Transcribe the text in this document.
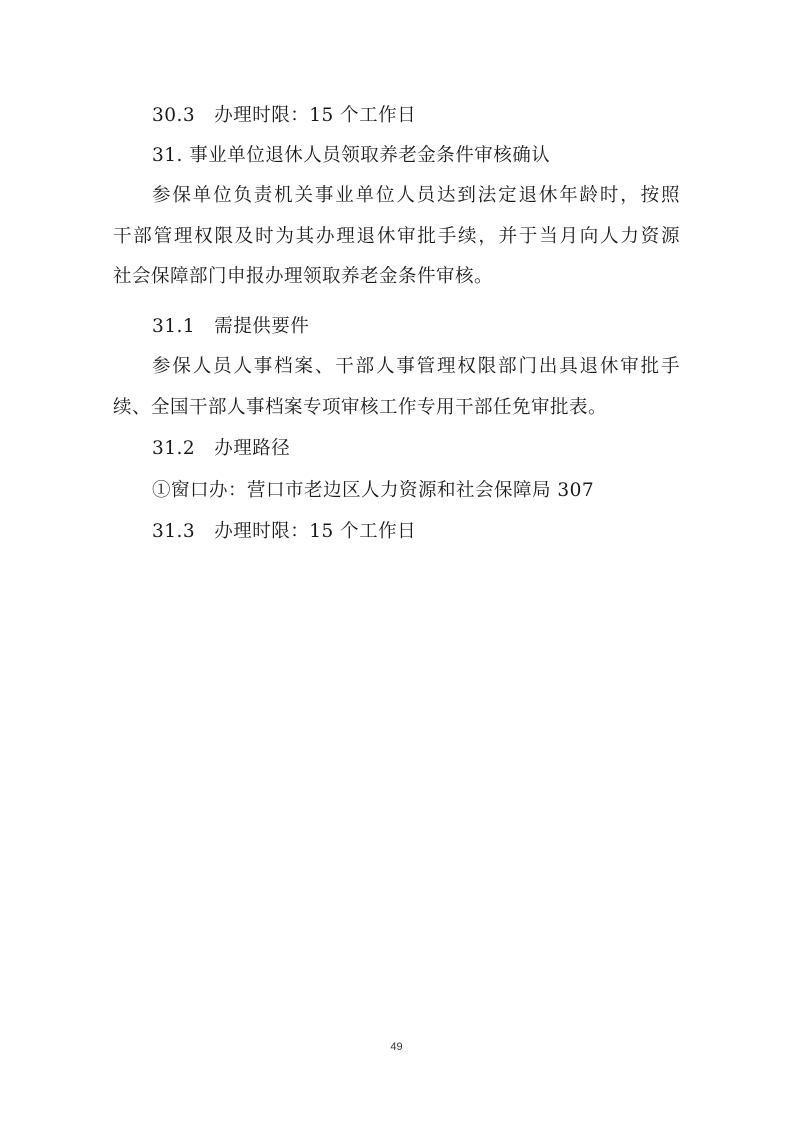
30.3　办理时限：15 个工作日
31. 事业单位退休人员领取养老金条件审核确认
参保单位负责机关事业单位人员达到法定退休年龄时，按照
干部管理权限及时为其办理退休审批手续，并于当月向人力资源
社会保障部门申报办理领取养老金条件审核。
31.1　需提供要件
参保人员人事档案、干部人事管理权限部门出具退休审批手
续、全国干部人事档案专项审核工作专用干部任免审批表。
31.2　办理路径
①窗口办：营口市老边区人力资源和社会保障局 307
31.3　办理时限：15 个工作日
49
